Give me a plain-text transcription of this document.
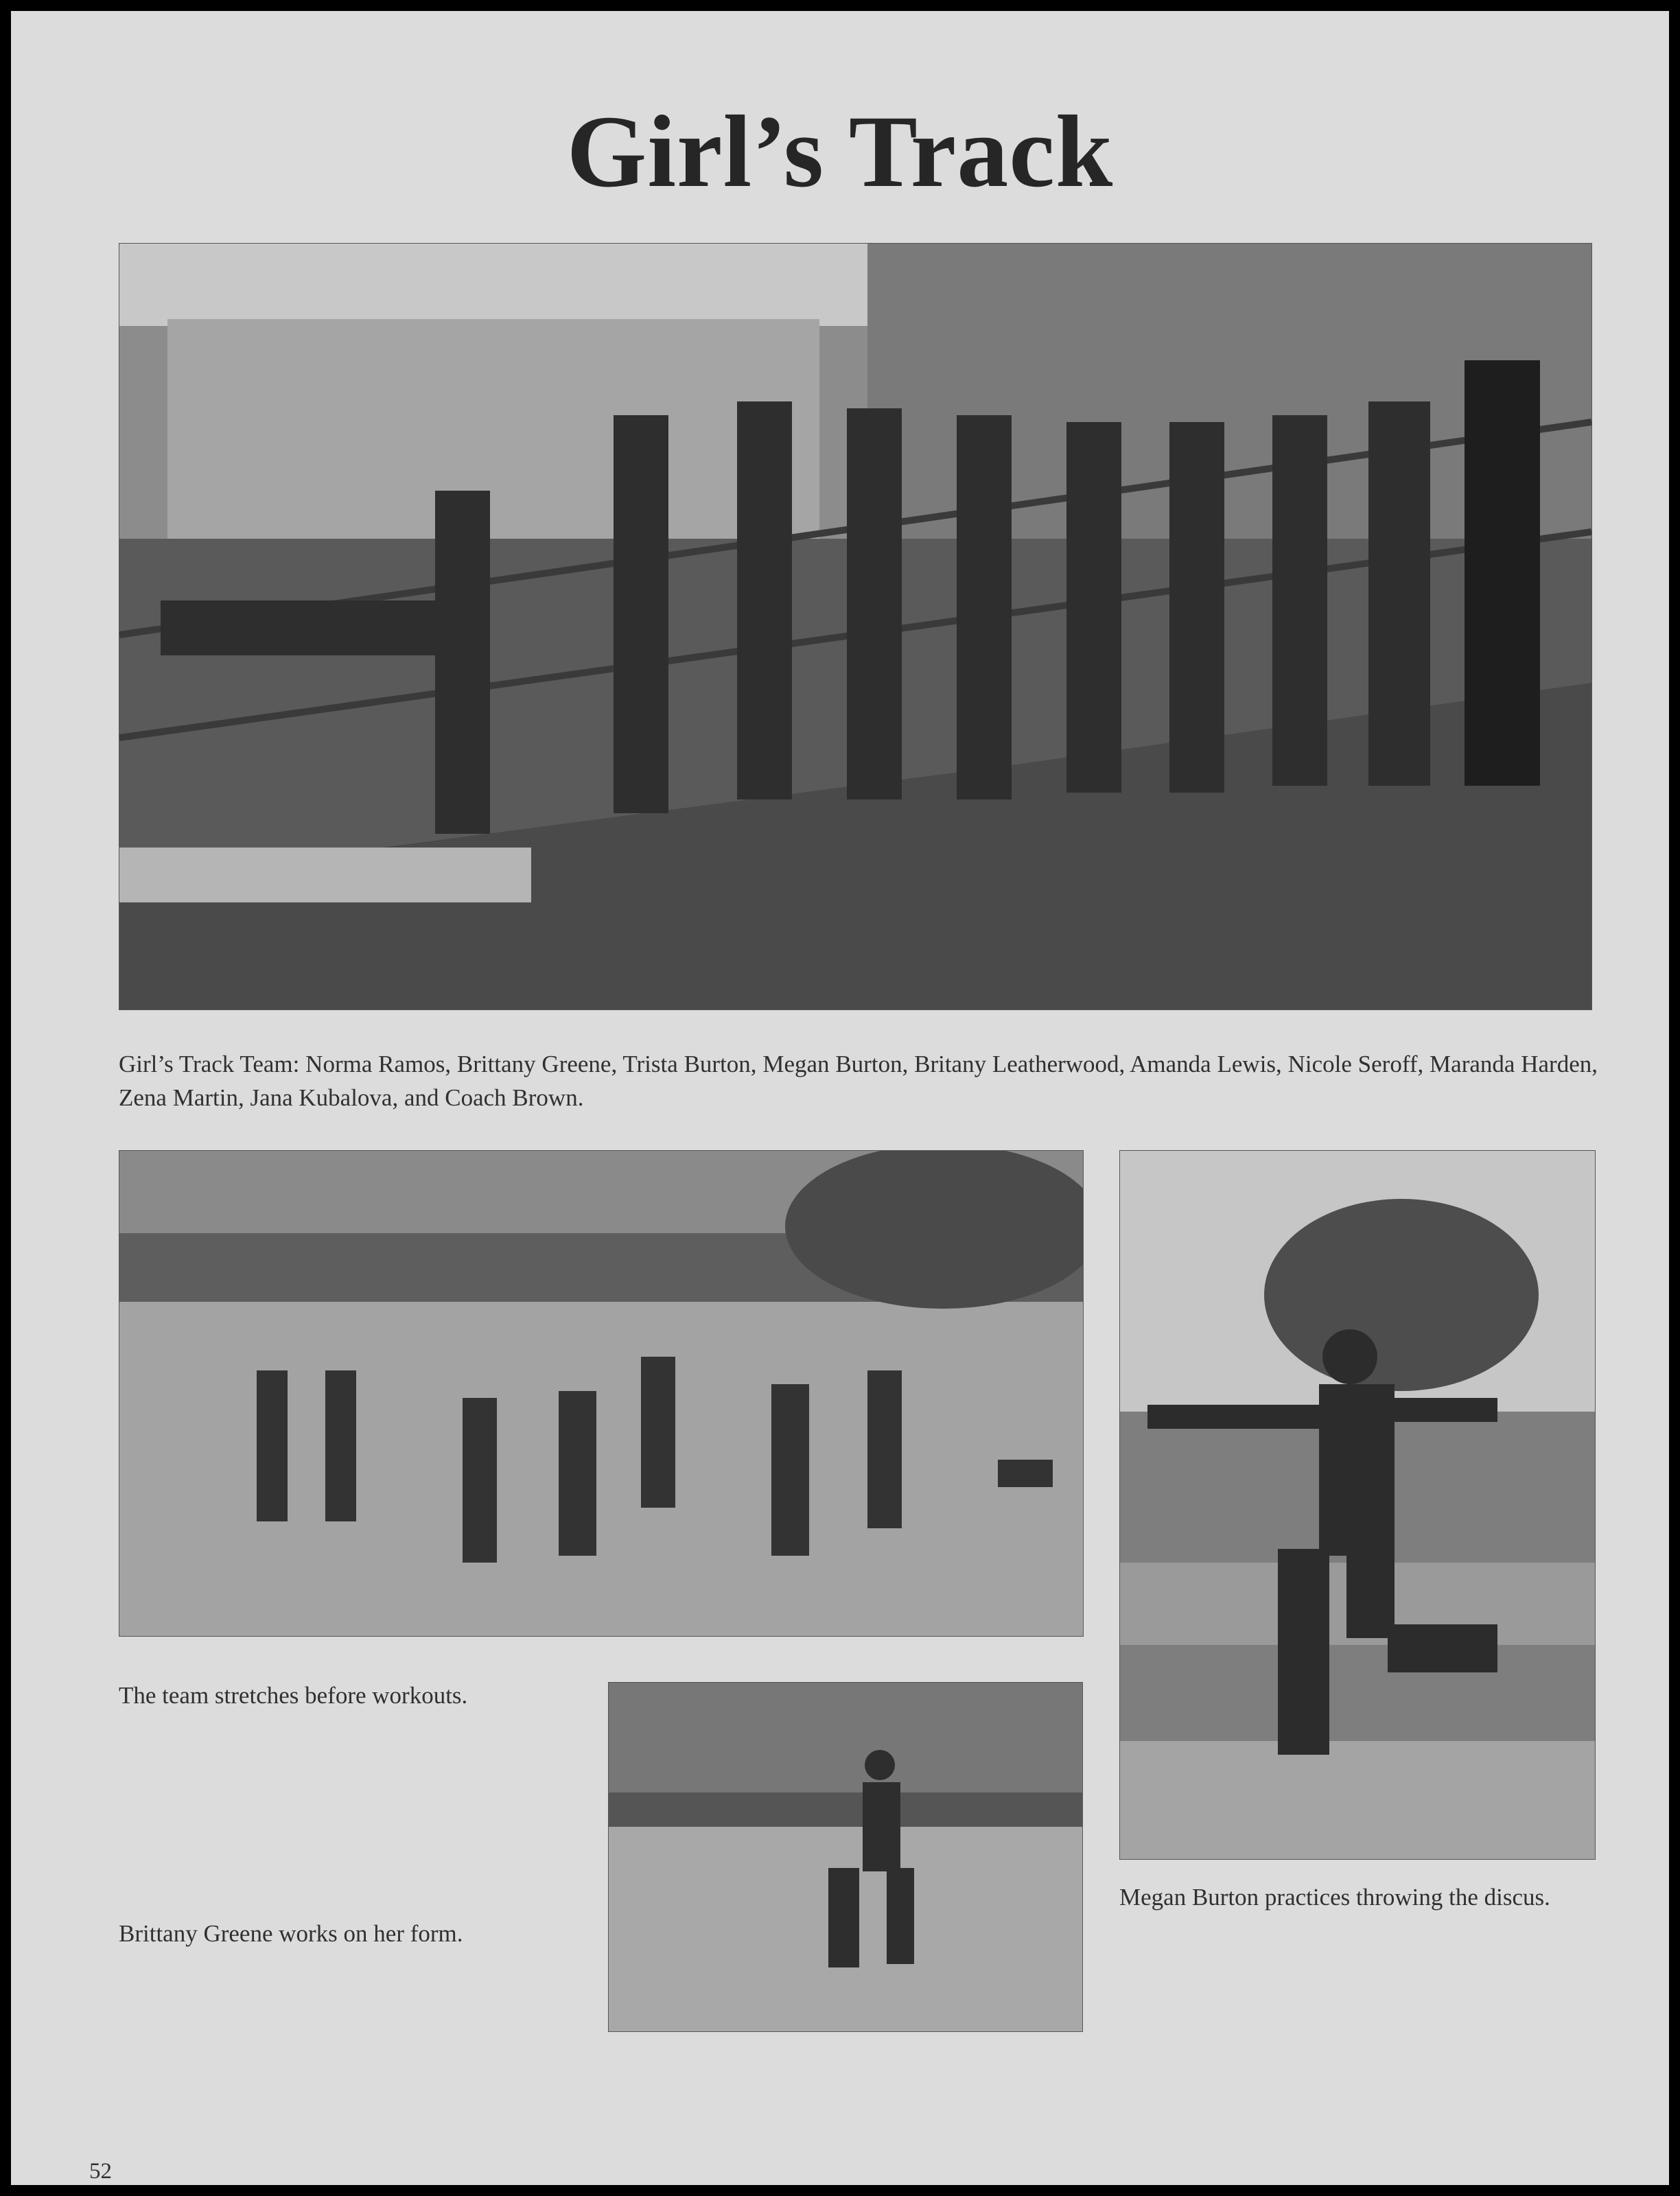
Girl’s Track
Girl’s Track Team: Norma Ramos, Brittany Greene, Trista Burton, Megan Burton, Britany Leatherwood, Amanda Lewis, Nicole Seroff, Maranda Harden, Zena Martin, Jana Kubalova, and Coach Brown.
The team stretches before workouts.
Brittany Greene works on her form.
Megan Burton practices throwing the discus.
52
